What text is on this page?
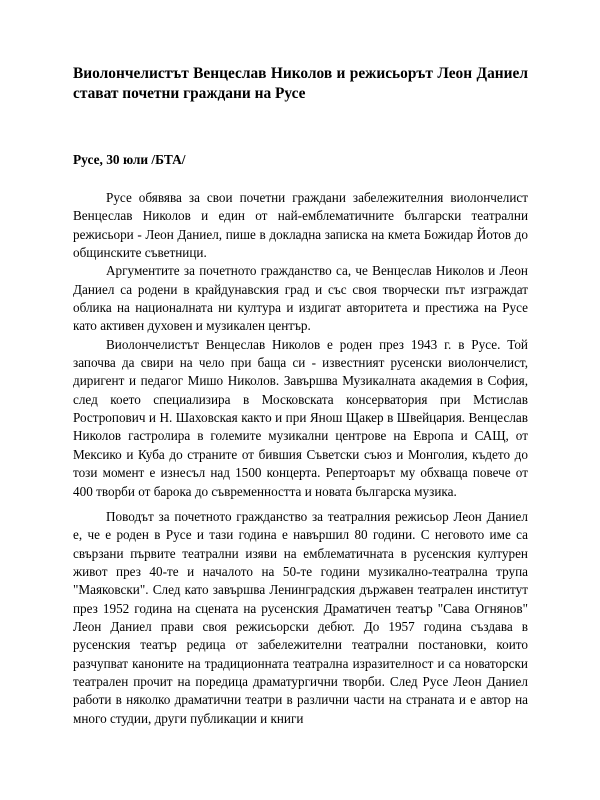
Виолончелистът Венцеслав Николов и режисьорът Леон Даниел стават почетни граждани на Русе
Русе, 30 юли /БТА/

Русе обявява за свои почетни граждани забележителния виолончелист Венцеслав Николов и един от най-емблематичните български театрални режисьори - Леон Даниел, пише в докладна записка на кмета Божидар Йотов до общинските съветници.

Аргументите за почетното гражданство са, че Венцеслав Николов и Леон Даниел са родени в крайдунавския град и със своя творчески път изграждат облика на националната ни култура и издигат авторитета и престижа на Русе като активен духовен и музикален център.

Виолончелистът Венцеслав Николов е роден през 1943 г. в Русе. Той започва да свири на чело при баща си - известният русенски виолончелист, диригент и педагог Мишо Николов. Завършва Музикалната академия в София, след което специализира в Московската консерватория при Мстислав Ростропович и Н. Шаховская както и при Янош Щакер в Швейцария. Венцеслав Николов гастролира в големите музикални центрове на Европа и САЩ, от Мексико и Куба до страните от бившия Съветски съюз и Монголия, където до този момент е изнесъл над 1500 концерта. Репертоарът му обхваща повече от 400 творби от барока до съвременността и новата българска музика.

Поводът за почетното гражданство за театралния режисьор Леон Даниел е, че е роден в Русе и тази година е навършил 80 години. С неговото име са свързани първите театрални изяви на емблематичната в русенския културен живот през 40-те и началото на 50-те години музикално-театрална трупа "Маяковски". След като завършва Ленинградския държавен театрален институт през 1952 година на сцената на русенския Драматичен театър "Сава Огнянов" Леон Даниел прави своя режисьорски дебют. До 1957 година създава в русенския театър редица от забележителни театрални постановки, които разчупват канонитe на традиционната театрална изразителност и са новаторски театрален прочит на поредица драматургични творби. След Русе Леон Даниел работи в няколко драматични театри в различни части на страната и е автор на много студии, други публикации и книги
